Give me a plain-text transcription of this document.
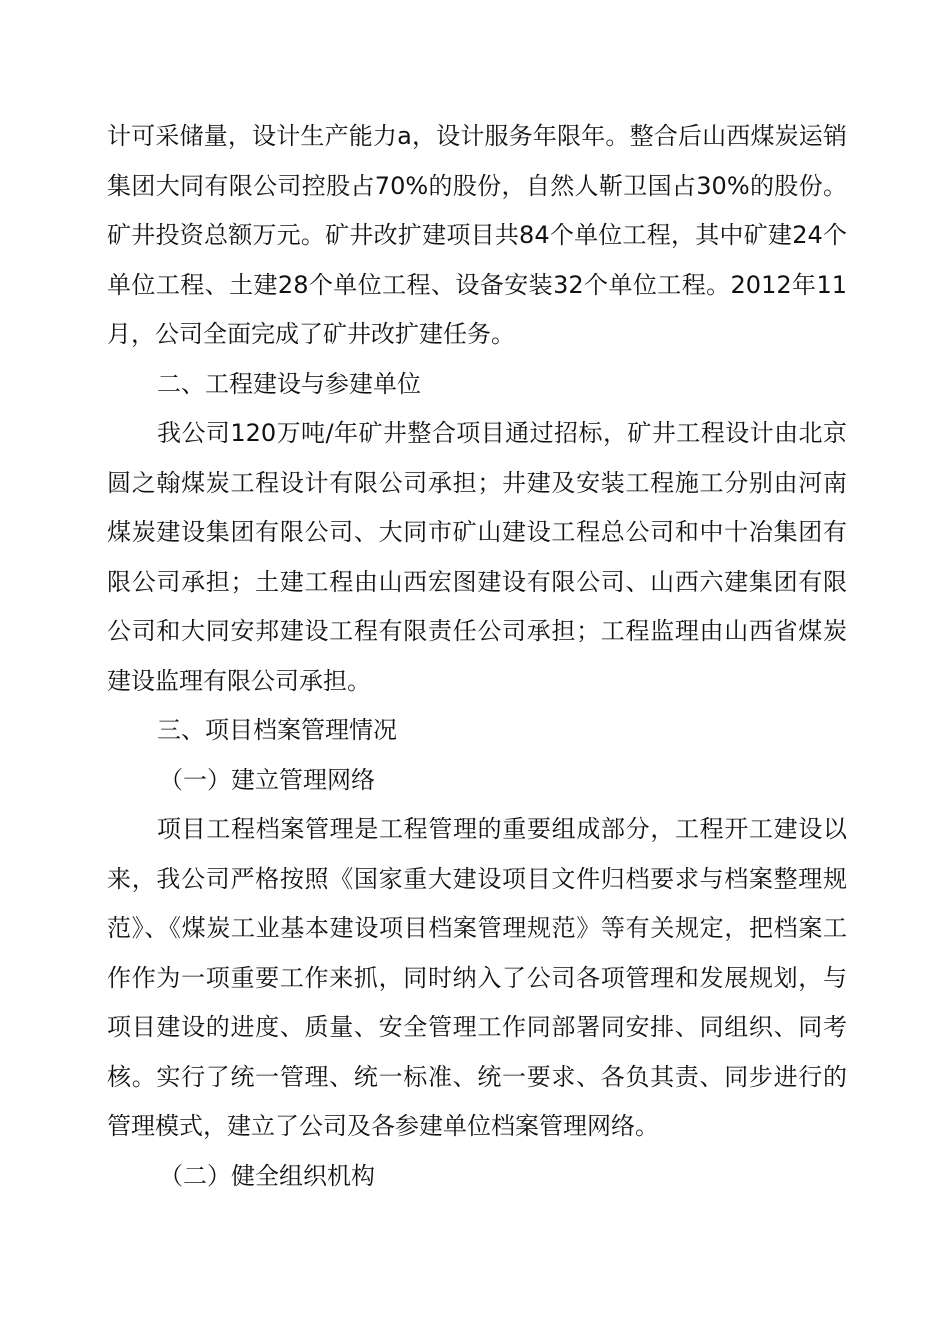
计可采储量，设计生产能力a，设计服务年限年。整合后山西煤炭运销集团大同有限公司控股占70%的股份，自然人靳卫国占30%的股份。矿井投资总额万元。矿井改扩建项目共84个单位工程，其中矿建24个单位工程、土建28个单位工程、设备安装32个单位工程。2012年11月，公司全面完成了矿井改扩建任务。

二、工程建设与参建单位

我公司120万吨/年矿井整合项目通过招标，矿井工程设计由北京圆之翰煤炭工程设计有限公司承担；井建及安装工程施工分别由河南煤炭建设集团有限公司、大同市矿山建设工程总公司和中十冶集团有限公司承担；土建工程由山西宏图建设有限公司、山西六建集团有限公司和大同安邦建设工程有限责任公司承担；工程监理由山西省煤炭建设监理有限公司承担。

三、项目档案管理情况

（一）建立管理网络

项目工程档案管理是工程管理的重要组成部分，工程开工建设以来，我公司严格按照《国家重大建设项目文件归档要求与档案整理规范》、《煤炭工业基本建设项目档案管理规范》等有关规定，把档案工作作为一项重要工作来抓，同时纳入了公司各项管理和发展规划，与项目建设的进度、质量、安全管理工作同部署同安排、同组织、同考核。实行了统一管理、统一标准、统一要求、各负其责、同步进行的管理模式，建立了公司及各参建单位档案管理网络。

（二）健全组织机构
